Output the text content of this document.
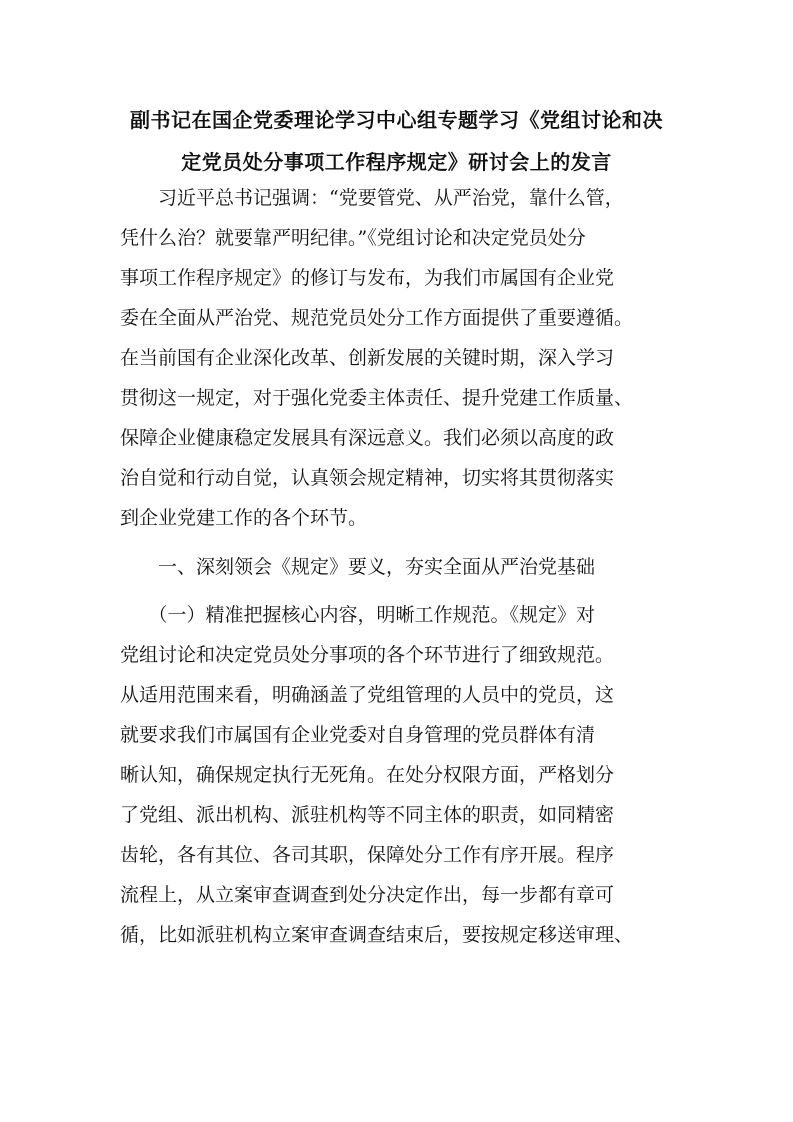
副书记在国企党委理论学习中心组专题学习《党组讨论和决
定党员处分事项工作程序规定》研讨会上的发言
　　习近平总书记强调：“党要管党、从严治党，靠什么管，
凭什么治？就要靠严明纪律。”《党组讨论和决定党员处分
事项工作程序规定》的修订与发布，为我们市属国有企业党
委在全面从严治党、规范党员处分工作方面提供了重要遵循。
在当前国有企业深化改革、创新发展的关键时期，深入学习
贯彻这一规定，对于强化党委主体责任、提升党建工作质量、
保障企业健康稳定发展具有深远意义。我们必须以高度的政
治自觉和行动自觉，认真领会规定精神，切实将其贯彻落实
到企业党建工作的各个环节。
　　一、深刻领会《规定》要义，夯实全面从严治党基础
　　（一）精准把握核心内容，明晰工作规范。《规定》对
党组讨论和决定党员处分事项的各个环节进行了细致规范。
从适用范围来看，明确涵盖了党组管理的人员中的党员，这
就要求我们市属国有企业党委对自身管理的党员群体有清
晰认知，确保规定执行无死角。在处分权限方面，严格划分
了党组、派出机构、派驻机构等不同主体的职责，如同精密
齿轮，各有其位、各司其职，保障处分工作有序开展。程序
流程上，从立案审查调查到处分决定作出，每一步都有章可
循，比如派驻机构立案审查调查结束后，要按规定移送审理、
